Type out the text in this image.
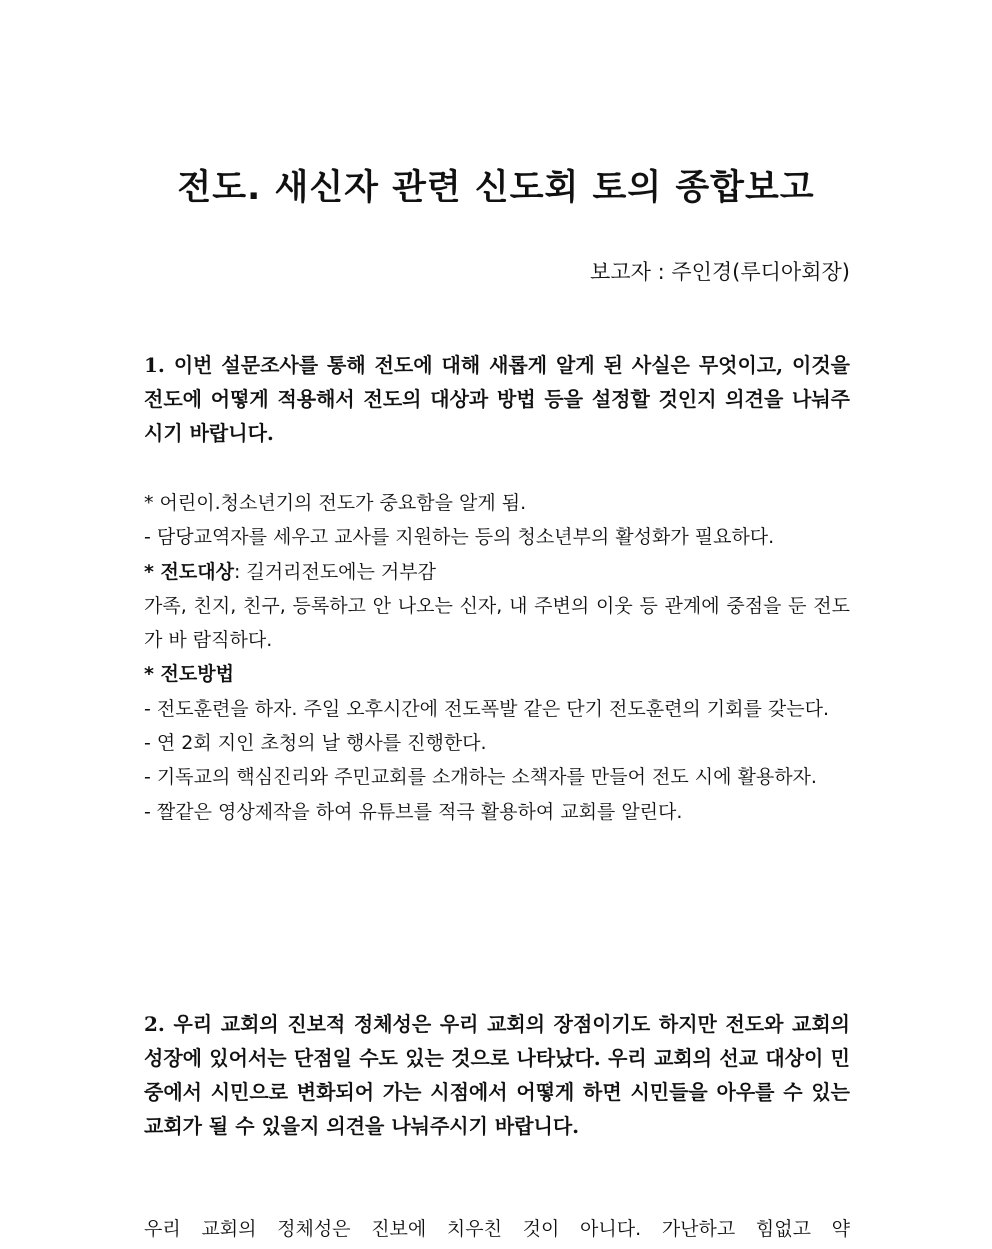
전도. 새신자 관련 신도회 토의 종합보고
보고자 : 주인경(루디아회장)
1. 이번 설문조사를 통해 전도에 대해 새롭게 알게 된 사실은 무엇이고, 이것을 전도에 어떻게 적용해서 전도의 대상과 방법 등을 설정할 것인지 의견을 나눠주시기 바랍니다.
* 어린이.청소년기의 전도가 중요함을 알게 됨.
- 담당교역자를 세우고 교사를 지원하는 등의 청소년부의 활성화가 필요하다.
* 전도대상: 길거리전도에는 거부감
가족, 친지, 친구, 등록하고 안 나오는 신자, 내 주변의 이웃 등 관계에 중점을 둔 전도가 바 람직하다.
* 전도방법
- 전도훈련을 하자. 주일 오후시간에 전도폭발 같은 단기 전도훈련의 기회를 갖는다.
- 연 2회 지인 초청의 날 행사를 진행한다.
- 기독교의 핵심진리와 주민교회를 소개하는 소책자를 만들어 전도 시에 활용하자.
- 짤같은 영상제작을 하여 유튜브를 적극 활용하여 교회를 알린다.
2. 우리 교회의 진보적 정체성은 우리 교회의 장점이기도 하지만 전도와 교회의 성장에 있어서는 단점일 수도 있는 것으로 나타났다. 우리 교회의 선교 대상이 민중에서 시민으로 변화되어 가는 시점에서 어떻게 하면 시민들을 아우를 수 있는 교회가 될 수 있을지 의견을 나눠주시기 바랍니다.
우리 교회의 정체성은 진보에 치우친 것이 아니다. 가난하고 힘없고 약
